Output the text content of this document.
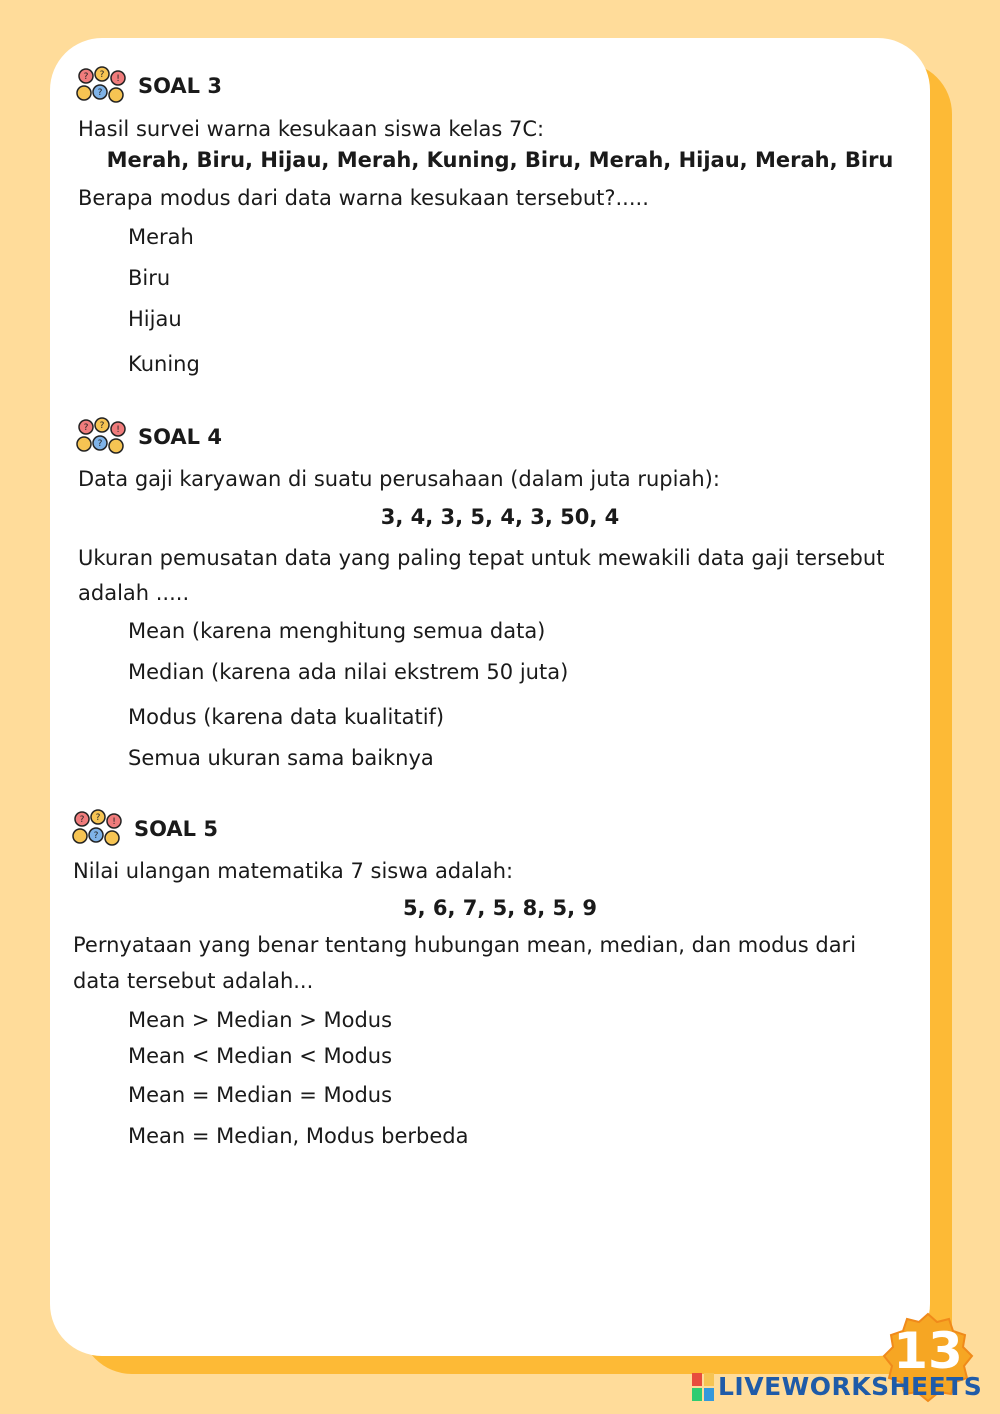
? ? !
? SOAL 3
Hasil survei warna kesukaan siswa kelas 7C:
Merah, Biru, Hijau, Merah, Kuning, Biru, Merah, Hijau, Merah, Biru
Berapa modus dari data warna kesukaan tersebut?.....
Merah
Biru
Hijau
Kuning
? ? !
? SOAL 4
Data gaji karyawan di suatu perusahaan (dalam juta rupiah):
3, 4, 3, 5, 4, 3, 50, 4
Ukuran pemusatan data yang paling tepat untuk mewakili data gaji tersebut
adalah .....
Mean (karena menghitung semua data)
Median (karena ada nilai ekstrem 50 juta)
Modus (karena data kualitatif)
Semua ukuran sama baiknya
? ? !
? SOAL 5
Nilai ulangan matematika 7 siswa adalah:
5, 6, 7, 5, 8, 5, 9
Pernyataan yang benar tentang hubungan mean, median, dan modus dari
data tersebut adalah...
Mean > Median > Modus
Mean < Median < Modus
Mean = Median = Modus
Mean = Median, Modus berbeda
13
LIVEWORKSHEETS
